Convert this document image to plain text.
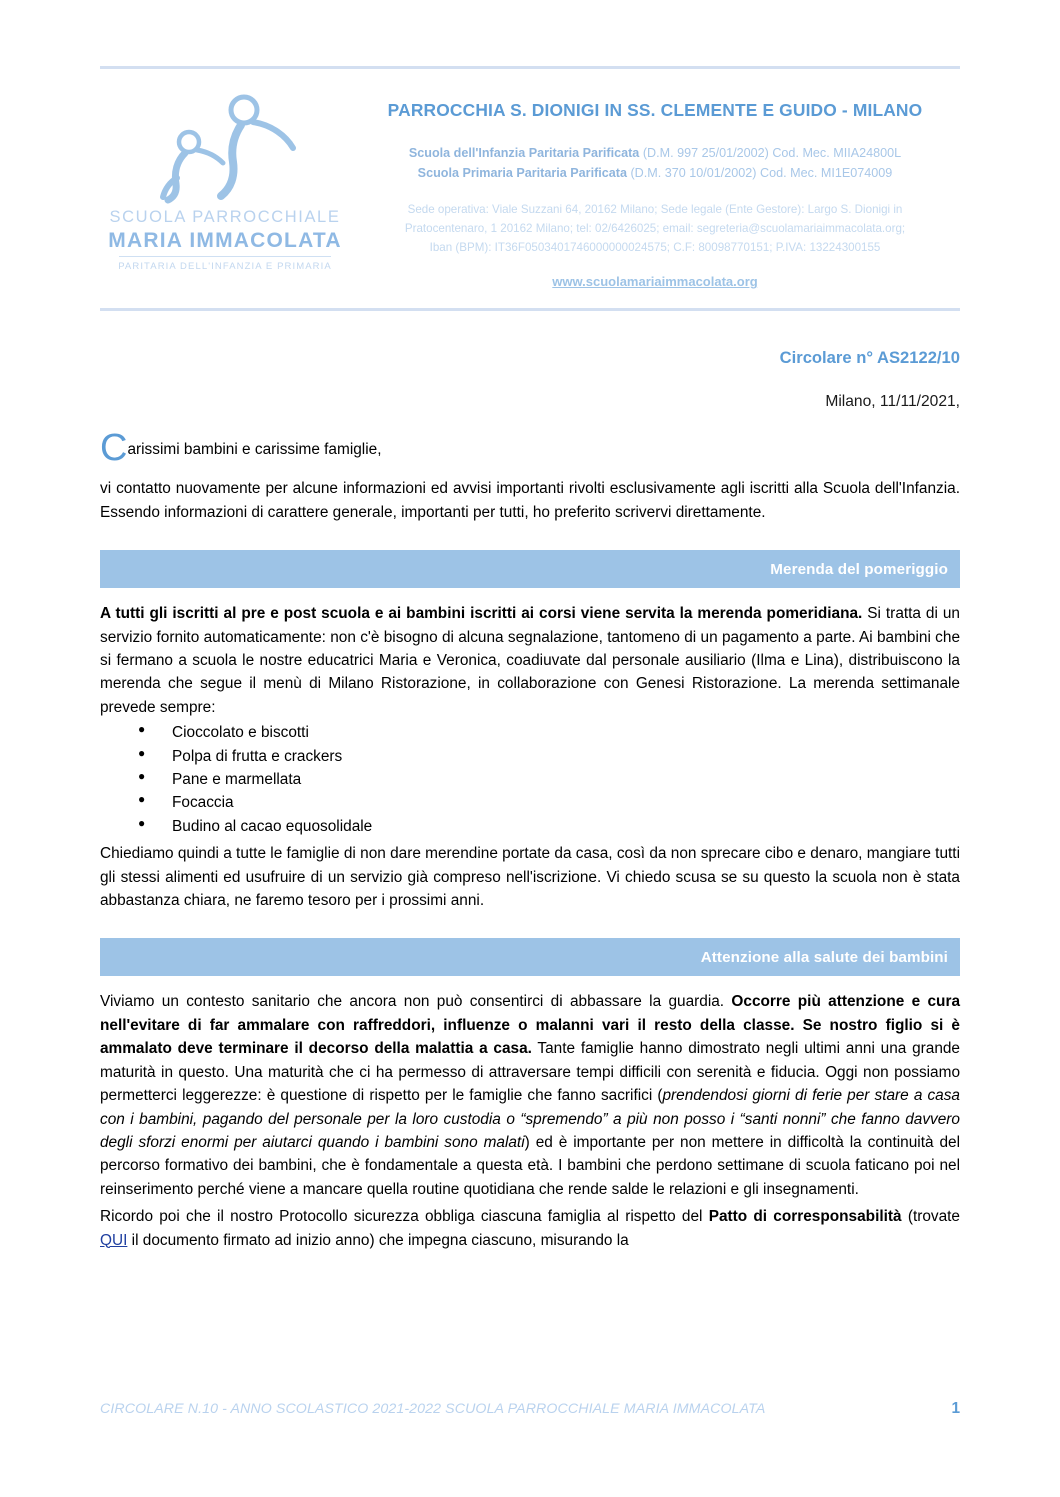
SCUOLA PARROCCHIALE
MARIA IMMACOLATA
PARITARIA DELL'INFANZIA E PRIMARIA
PARROCCHIA S. DIONIGI IN SS. CLEMENTE E GUIDO - MILANO
Scuola dell'Infanzia Paritaria Parificata (D.M. 997 25/01/2002) Cod. Mec. MIIA24800L
Scuola Primaria Paritaria Parificata (D.M. 370 10/01/2002) Cod. Mec. MI1E074009
Sede operativa: Viale Suzzani 64, 20162 Milano; Sede legale (Ente Gestore): Largo S. Dionigi in
Pratocentenaro, 1 20162 Milano; tel: 02/6426025; email: segreteria@scuolamariaimmacolata.org;
Iban (BPM): IT36F0503401746000000024575; C.F: 80098770151; P.IVA: 13224300155
www.scuolamariaimmacolata.org
Circolare n° AS2122/10
Milano, 11/11/2021,
Carissimi bambini e carissime famiglie,

vi contatto nuovamente per alcune informazioni ed avvisi importanti rivolti esclusivamente agli iscritti alla Scuola dell'Infanzia. Essendo informazioni di carattere generale, importanti per tutti, ho preferito scrivervi direttamente.

Merenda del pomeriggio

A tutti gli iscritti al pre e post scuola e ai bambini iscritti ai corsi viene servita la merenda pomeridiana. Si tratta di un servizio fornito automaticamente: non c'è bisogno di alcuna segnalazione, tantomeno di un pagamento a parte. Ai bambini che si fermano a scuola le nostre educatrici Maria e Veronica, coadiuvate dal personale ausiliario (Ilma e Lina), distribuiscono la merenda che segue il menù di Milano Ristorazione, in collaborazione con Genesi Ristorazione. La merenda settimanale prevede sempre:

● Cioccolato e biscotti
● Polpa di frutta e crackers
● Pane e marmellata
● Focaccia
● Budino al cacao equosolidale

Chiediamo quindi a tutte le famiglie di non dare merendine portate da casa, così da non sprecare cibo e denaro, mangiare tutti gli stessi alimenti ed usufruire di un servizio già compreso nell'iscrizione. Vi chiedo scusa se su questo la scuola non è stata abbastanza chiara, ne faremo tesoro per i prossimi anni.

Attenzione alla salute dei bambini

Viviamo un contesto sanitario che ancora non può consentirci di abbassare la guardia. Occorre più attenzione e cura nell'evitare di far ammalare con raffreddori, influenze o malanni vari il resto della classe. Se nostro figlio si è ammalato deve terminare il decorso della malattia a casa. Tante famiglie hanno dimostrato negli ultimi anni una grande maturità in questo. Una maturità che ci ha permesso di attraversare tempi difficili con serenità e fiducia. Oggi non possiamo permetterci leggerezze: è questione di rispetto per le famiglie che fanno sacrifici (prendendosi giorni di ferie per stare a casa con i bambini, pagando del personale per la loro custodia o “spremendo” a più non posso i “santi nonni” che fanno davvero degli sforzi enormi per aiutarci quando i bambini sono malati) ed è importante per non mettere in difficoltà la continuità del percorso formativo dei bambini, che è fondamentale a questa età. I bambini che perdono settimane di scuola faticano poi nel reinserimento perché viene a mancare quella routine quotidiana che rende salde le relazioni e gli insegnamenti.

Ricordo poi che il nostro Protocollo sicurezza obbliga ciascuna famiglia al rispetto del Patto di corresponsabilità (trovate QUI il documento firmato ad inizio anno) che impegna ciascuno, misurando la

CIRCOLARE N.10 - ANNO SCOLASTICO 2021-2022 SCUOLA PARROCCHIALE MARIA IMMACOLATA	1
